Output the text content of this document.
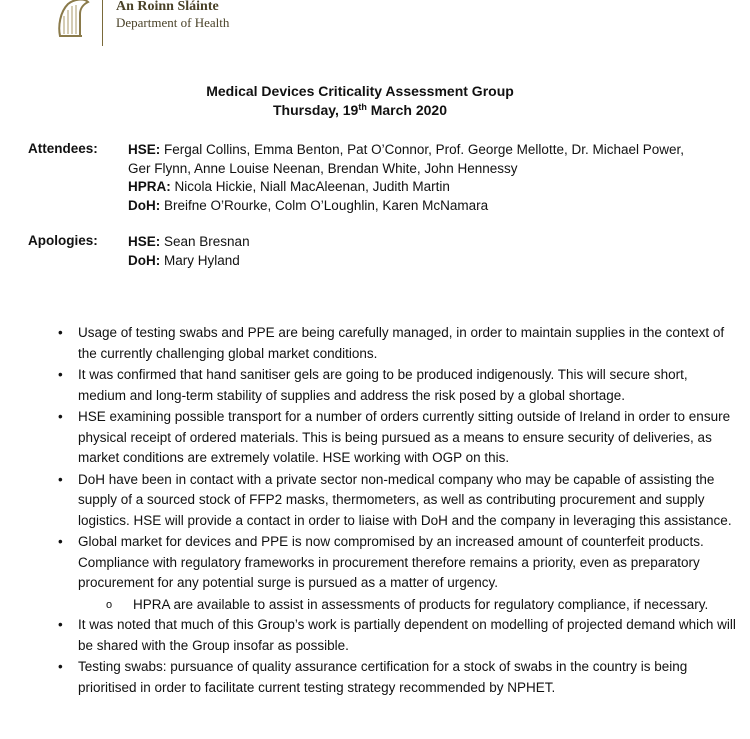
An Roinn Sláinte
Department of Health
Medical Devices Criticality Assessment Group
Thursday, 19th March 2020
Attendees: HSE: Fergal Collins, Emma Benton, Pat O’Connor, Prof. George Mellotte, Dr. Michael Power,
Ger Flynn, Anne Louise Neenan, Brendan White, John Hennessy
HPRA: Nicola Hickie, Niall MacAleenan, Judith Martin
DoH: Breifne O’Rourke, Colm O’Loughlin, Karen McNamara
Apologies: HSE: Sean Bresnan
DoH: Mary Hyland
• Usage of testing swabs and PPE are being carefully managed, in order to maintain supplies in the context of the currently challenging global market conditions.
• It was confirmed that hand sanitiser gels are going to be produced indigenously. This will secure short, medium and long-term stability of supplies and address the risk posed by a global shortage.
• HSE examining possible transport for a number of orders currently sitting outside of Ireland in order to ensure physical receipt of ordered materials. This is being pursued as a means to ensure security of deliveries, as market conditions are extremely volatile. HSE working with OGP on this.
• DoH have been in contact with a private sector non-medical company who may be capable of assisting the supply of a sourced stock of FFP2 masks, thermometers, as well as contributing procurement and supply logistics. HSE will provide a contact in order to liaise with DoH and the company in leveraging this assistance.
• Global market for devices and PPE is now compromised by an increased amount of counterfeit products. Compliance with regulatory frameworks in procurement therefore remains a priority, even as preparatory procurement for any potential surge is pursued as a matter of urgency.
o HPRA are available to assist in assessments of products for regulatory compliance, if necessary.
• It was noted that much of this Group’s work is partially dependent on modelling of projected demand which will be shared with the Group insofar as possible.
• Testing swabs: pursuance of quality assurance certification for a stock of swabs in the country is being prioritised in order to facilitate current testing strategy recommended by NPHET.
